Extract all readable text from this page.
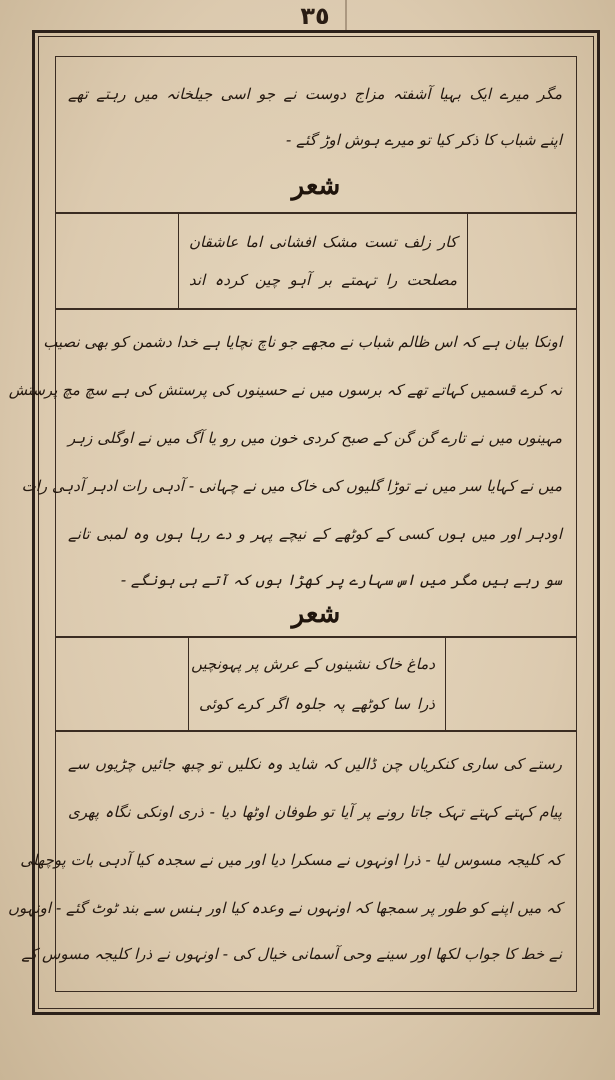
٣٥
مگر میرے ایک بہیا آشفتہ مزاج دوست نے جو اسی جیلخانہ میں رہتے تھے
اپنے شباب کا ذکر کیا تو میرے ہوش اوڑ گئے -
شعر
کار زلف تست مشک افشانی اما عاشقان
مصلحت را تہمتے بر آہو چین کردہ اند
اونکا بیان ہے کہ اس ظالم شباب نے مجھے جو ناچ نچایا ہے خدا دشمن کو بھی نصیب
نہ کرے قسمیں کہاتے تھے کہ برسوں میں نے حسینوں کی پرستش کی ہے سچ مچ پرستش
مہینوں میں نے تارے گن گن کے صبح کردی خون میں رو یا آگ میں نے اوگلی زہر
میں نے کہایا سر میں نے توڑا گلیوں کی خاک میں نے چہانی - آدہی رات ادہر آدہی رات
اودہر اور میں ہوں کسی کے کوٹھے کے نیچے پہر و دے رہا ہوں وہ لمبی تانے
سو رہے ہیں مگر میں اس سہارے پر کھڑا ہوں کہ آتے ہی ہونگے -
شعر
دماغ خاک نشینوں کے عرش پر پہونچیں
ذرا سا کوٹھے پہ جلوہ اگر کرے کوئی
رستے کی ساری کنکریاں چن ڈالیں کہ شاید وہ نکلیں تو چبھ جائیں چڑیوں سے
پیام کہتے کہتے تہک جاتا رونے پر آیا تو طوفان اوٹھا دیا - ذری اونکی نگاہ پھری
کہ کلیجہ مسوس لیا - ذرا اونہوں نے مسکرا دیا اور میں نے سجدہ کیا آدہی بات پوچھلی
کہ میں اپنے کو طور پر سمجھا کہ اونہوں نے وعدہ کیا اور ہنس سے بند ٹوٹ گئے - اونہوں
نے خط کا جواب لکھا اور سینے وحی آسمانی خیال کی - اونہوں نے ذرا کلیجہ مسوس کے
